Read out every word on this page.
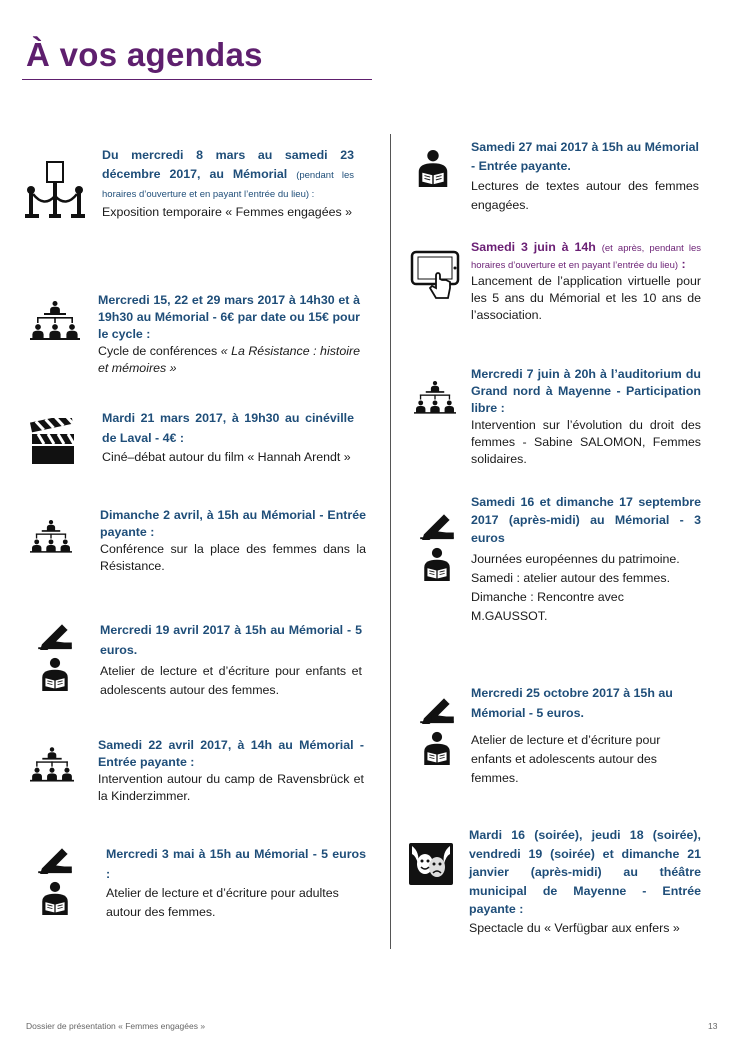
À vos agendas
Du mercredi 8 mars au samedi 23 décembre 2017, au Mémorial (pendant les horaires d’ouverture et en payant l’entrée du lieu) :
Exposition temporaire « Femmes engagées »
Mercredi 15, 22 et 29 mars 2017 à 14h30 et à 19h30 au Mémorial - 6€ par date ou 15€ pour le cycle :
Cycle de conférences « La Résistance : histoire et mémoires »
Mardi 21 mars 2017, à 19h30 au cinéville de Laval - 4€ :
Ciné–débat autour du film « Hannah Arendt »
Dimanche 2 avril, à 15h au Mémorial - Entrée payante :
Conférence sur la place des femmes dans la Résistance.
Mercredi 19 avril 2017 à 15h au Mémorial - 5 euros.
Atelier de lecture et d’écriture pour enfants et adolescents autour des femmes.
Samedi 22 avril 2017, à 14h au Mémorial - Entrée payante :
Intervention autour du camp de Ravensbrück et la Kinderzimmer.
Mercredi 3 mai à 15h au Mémorial - 5 euros :
Atelier de lecture et d’écriture pour adultes autour des femmes.
Samedi 27 mai 2017 à 15h au Mémorial - Entrée payante.
Lectures de textes autour des femmes engagées.
Samedi 3 juin à 14h (et après, pendant les horaires d’ouverture et en payant l’entrée du lieu) :
Lancement de l’application virtuelle pour les 5 ans du Mémorial et les 10 ans de l’association.
Mercredi 7 juin à 20h à l’auditorium du Grand nord à Mayenne - Participation libre :
Intervention sur l’évolution du droit des femmes - Sabine SALOMON, Femmes solidaires.
Samedi 16 et dimanche 17 septembre 2017 (après-midi) au Mémorial - 3 euros
Journées européennes du patrimoine.
Samedi : atelier autour des femmes.
Dimanche : Rencontre avec M.GAUSSOT.
Mercredi 25 octobre 2017 à 15h au Mémorial - 5 euros.
Atelier de lecture et d’écriture pour enfants et adolescents autour des femmes.
Mardi 16 (soirée), jeudi 18 (soirée), vendredi 19 (soirée) et dimanche 21 janvier (après-midi) au théâtre municipal de Mayenne - Entrée payante :
Spectacle du « Verfügbar aux enfers »
Dossier de présentation « Femmes engagées »	13
